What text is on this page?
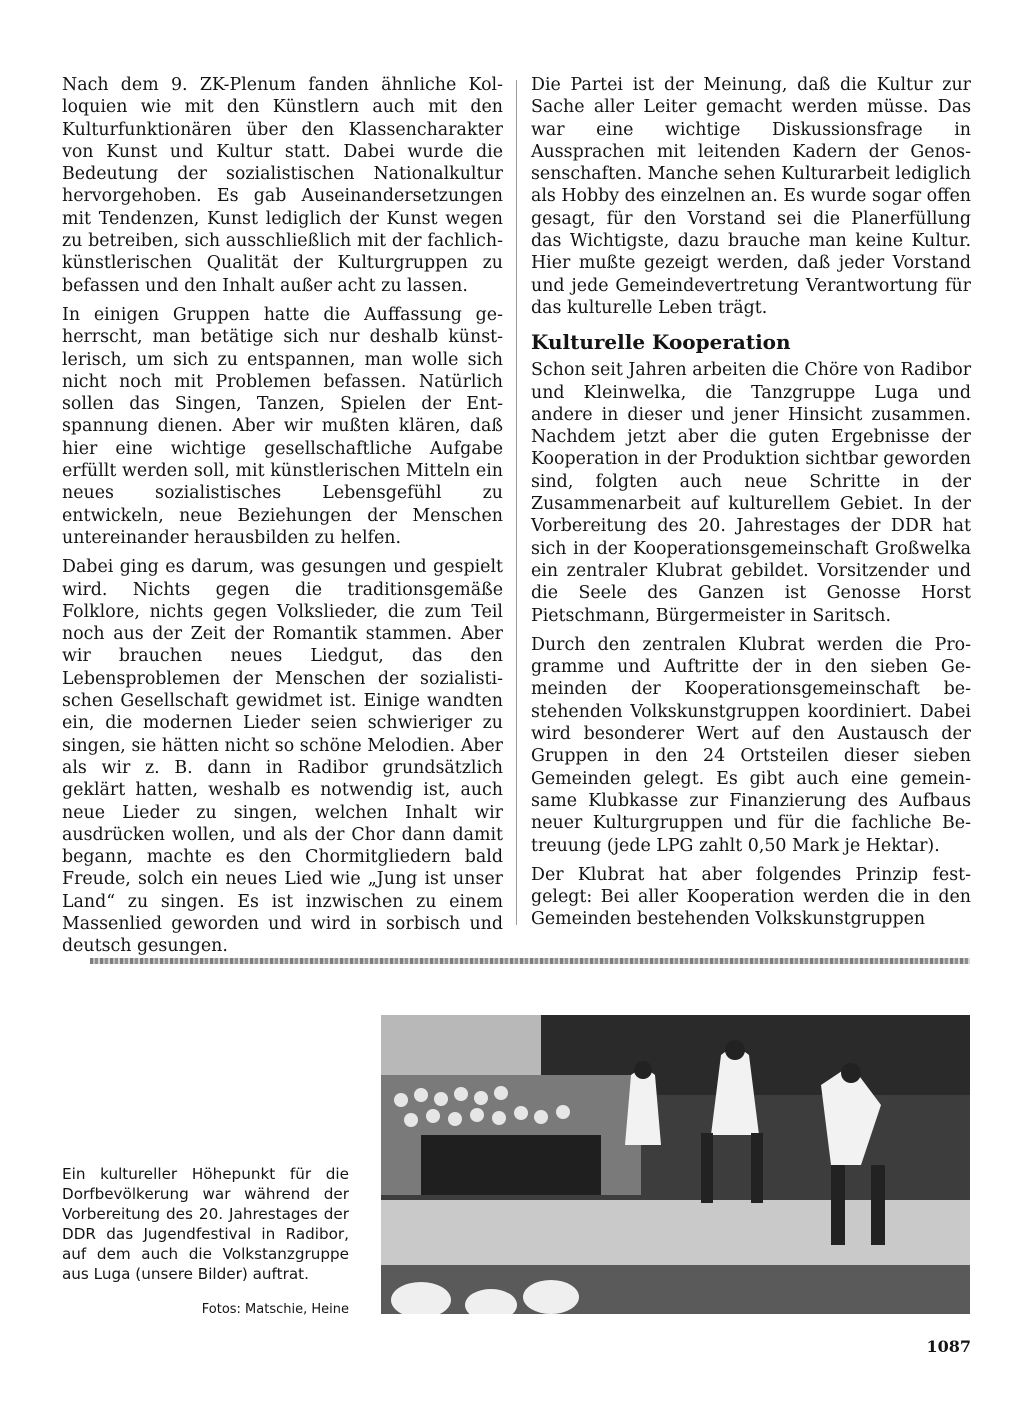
Nach dem 9. ZK-Plenum fanden ähnliche Kolloquien wie mit den Künstlern auch mit den Kulturfunktionären über den Klassencharakter von Kunst und Kultur statt. Dabei wurde die Bedeutung der sozialistischen Nationalkultur hervorgehoben. Es gab Auseinandersetzungen mit Tendenzen, Kunst lediglich der Kunst wegen zu betreiben, sich ausschließlich mit der fachlich-künstlerischen Qualität der Kulturgruppen zu befassen und den Inhalt außer acht zu lassen.

In einigen Gruppen hatte die Auffassung geherrscht, man betätige sich nur deshalb künstlerisch, um sich zu entspannen, man wolle sich nicht noch mit Problemen befassen. Natürlich sollen das Singen, Tanzen, Spielen der Entspannung dienen. Aber wir mußten klären, daß hier eine wichtige gesellschaftliche Aufgabe erfüllt werden soll, mit künstlerischen Mitteln ein neues sozialistisches Lebensgefühl zu entwickeln, neue Beziehungen der Menschen untereinander herausbilden zu helfen.

Dabei ging es darum, was gesungen und gespielt wird. Nichts gegen die traditionsgemäße Folklore, nichts gegen Volkslieder, die zum Teil noch aus der Zeit der Romantik stammen. Aber wir brauchen neues Liedgut, das den Lebensproblemen der Menschen der sozialistischen Gesellschaft gewidmet ist. Einige wandten ein, die modernen Lieder seien schwieriger zu singen, sie hätten nicht so schöne Melodien. Aber als wir z. B. dann in Radibor grundsätzlich geklärt hatten, weshalb es notwendig ist, auch neue Lieder zu singen, welchen Inhalt wir ausdrücken wollen, und als der Chor dann damit begann, machte es den Chormitgliedern bald Freude, solch ein neues Lied wie „Jung ist unser Land“ zu singen. Es ist inzwischen zu einem Massenlied geworden und wird in sorbisch und deutsch gesungen.

Die Partei ist der Meinung, daß die Kultur zur Sache aller Leiter gemacht werden müsse. Das war eine wichtige Diskussionsfrage in Aussprachen mit leitenden Kadern der Genossenschaften. Manche sehen Kulturarbeit lediglich als Hobby des einzelnen an. Es wurde sogar offen gesagt, für den Vorstand sei die Planerfüllung das Wichtigste, dazu brauche man keine Kultur. Hier mußte gezeigt werden, daß jeder Vorstand und jede Gemeindevertretung Verantwortung für das kulturelle Leben trägt.

Kulturelle Kooperation

Schon seit Jahren arbeiten die Chöre von Radibor und Kleinwelka, die Tanzgruppe Luga und andere in dieser und jener Hinsicht zusammen. Nachdem jetzt aber die guten Ergebnisse der Kooperation in der Produktion sichtbar geworden sind, folgten auch neue Schritte in der Zusammenarbeit auf kulturellem Gebiet. In der Vorbereitung des 20. Jahrestages der DDR hat sich in der Kooperationsgemeinschaft Großwelka ein zentraler Klubrat gebildet. Vorsitzender und die Seele des Ganzen ist Genosse Horst Pietschmann, Bürgermeister in Saritsch.

Durch den zentralen Klubrat werden die Programme und Auftritte der in den sieben Gemeinden der Kooperationsgemeinschaft bestehenden Volkskunstgruppen koordiniert. Dabei wird besonderer Wert auf den Austausch der Gruppen in den 24 Ortsteilen dieser sieben Gemeinden gelegt. Es gibt auch eine gemeinsame Klubkasse zur Finanzierung des Aufbaus neuer Kulturgruppen und für die fachliche Betreuung (jede LPG zahlt 0,50 Mark je Hektar).

Der Klubrat hat aber folgendes Prinzip festgelegt: Bei aller Kooperation werden die in den Gemeinden bestehenden Volkskunstgruppen

Ein kultureller Höhepunkt für die Dorfbevölkerung war während der Vorbereitung des 20. Jahrestages der DDR das Jugendfestival in Radibor, auf dem auch die Volkstanzgruppe aus Luga (unsere Bilder) auftrat.
Fotos: Matschie, Heine
1087
